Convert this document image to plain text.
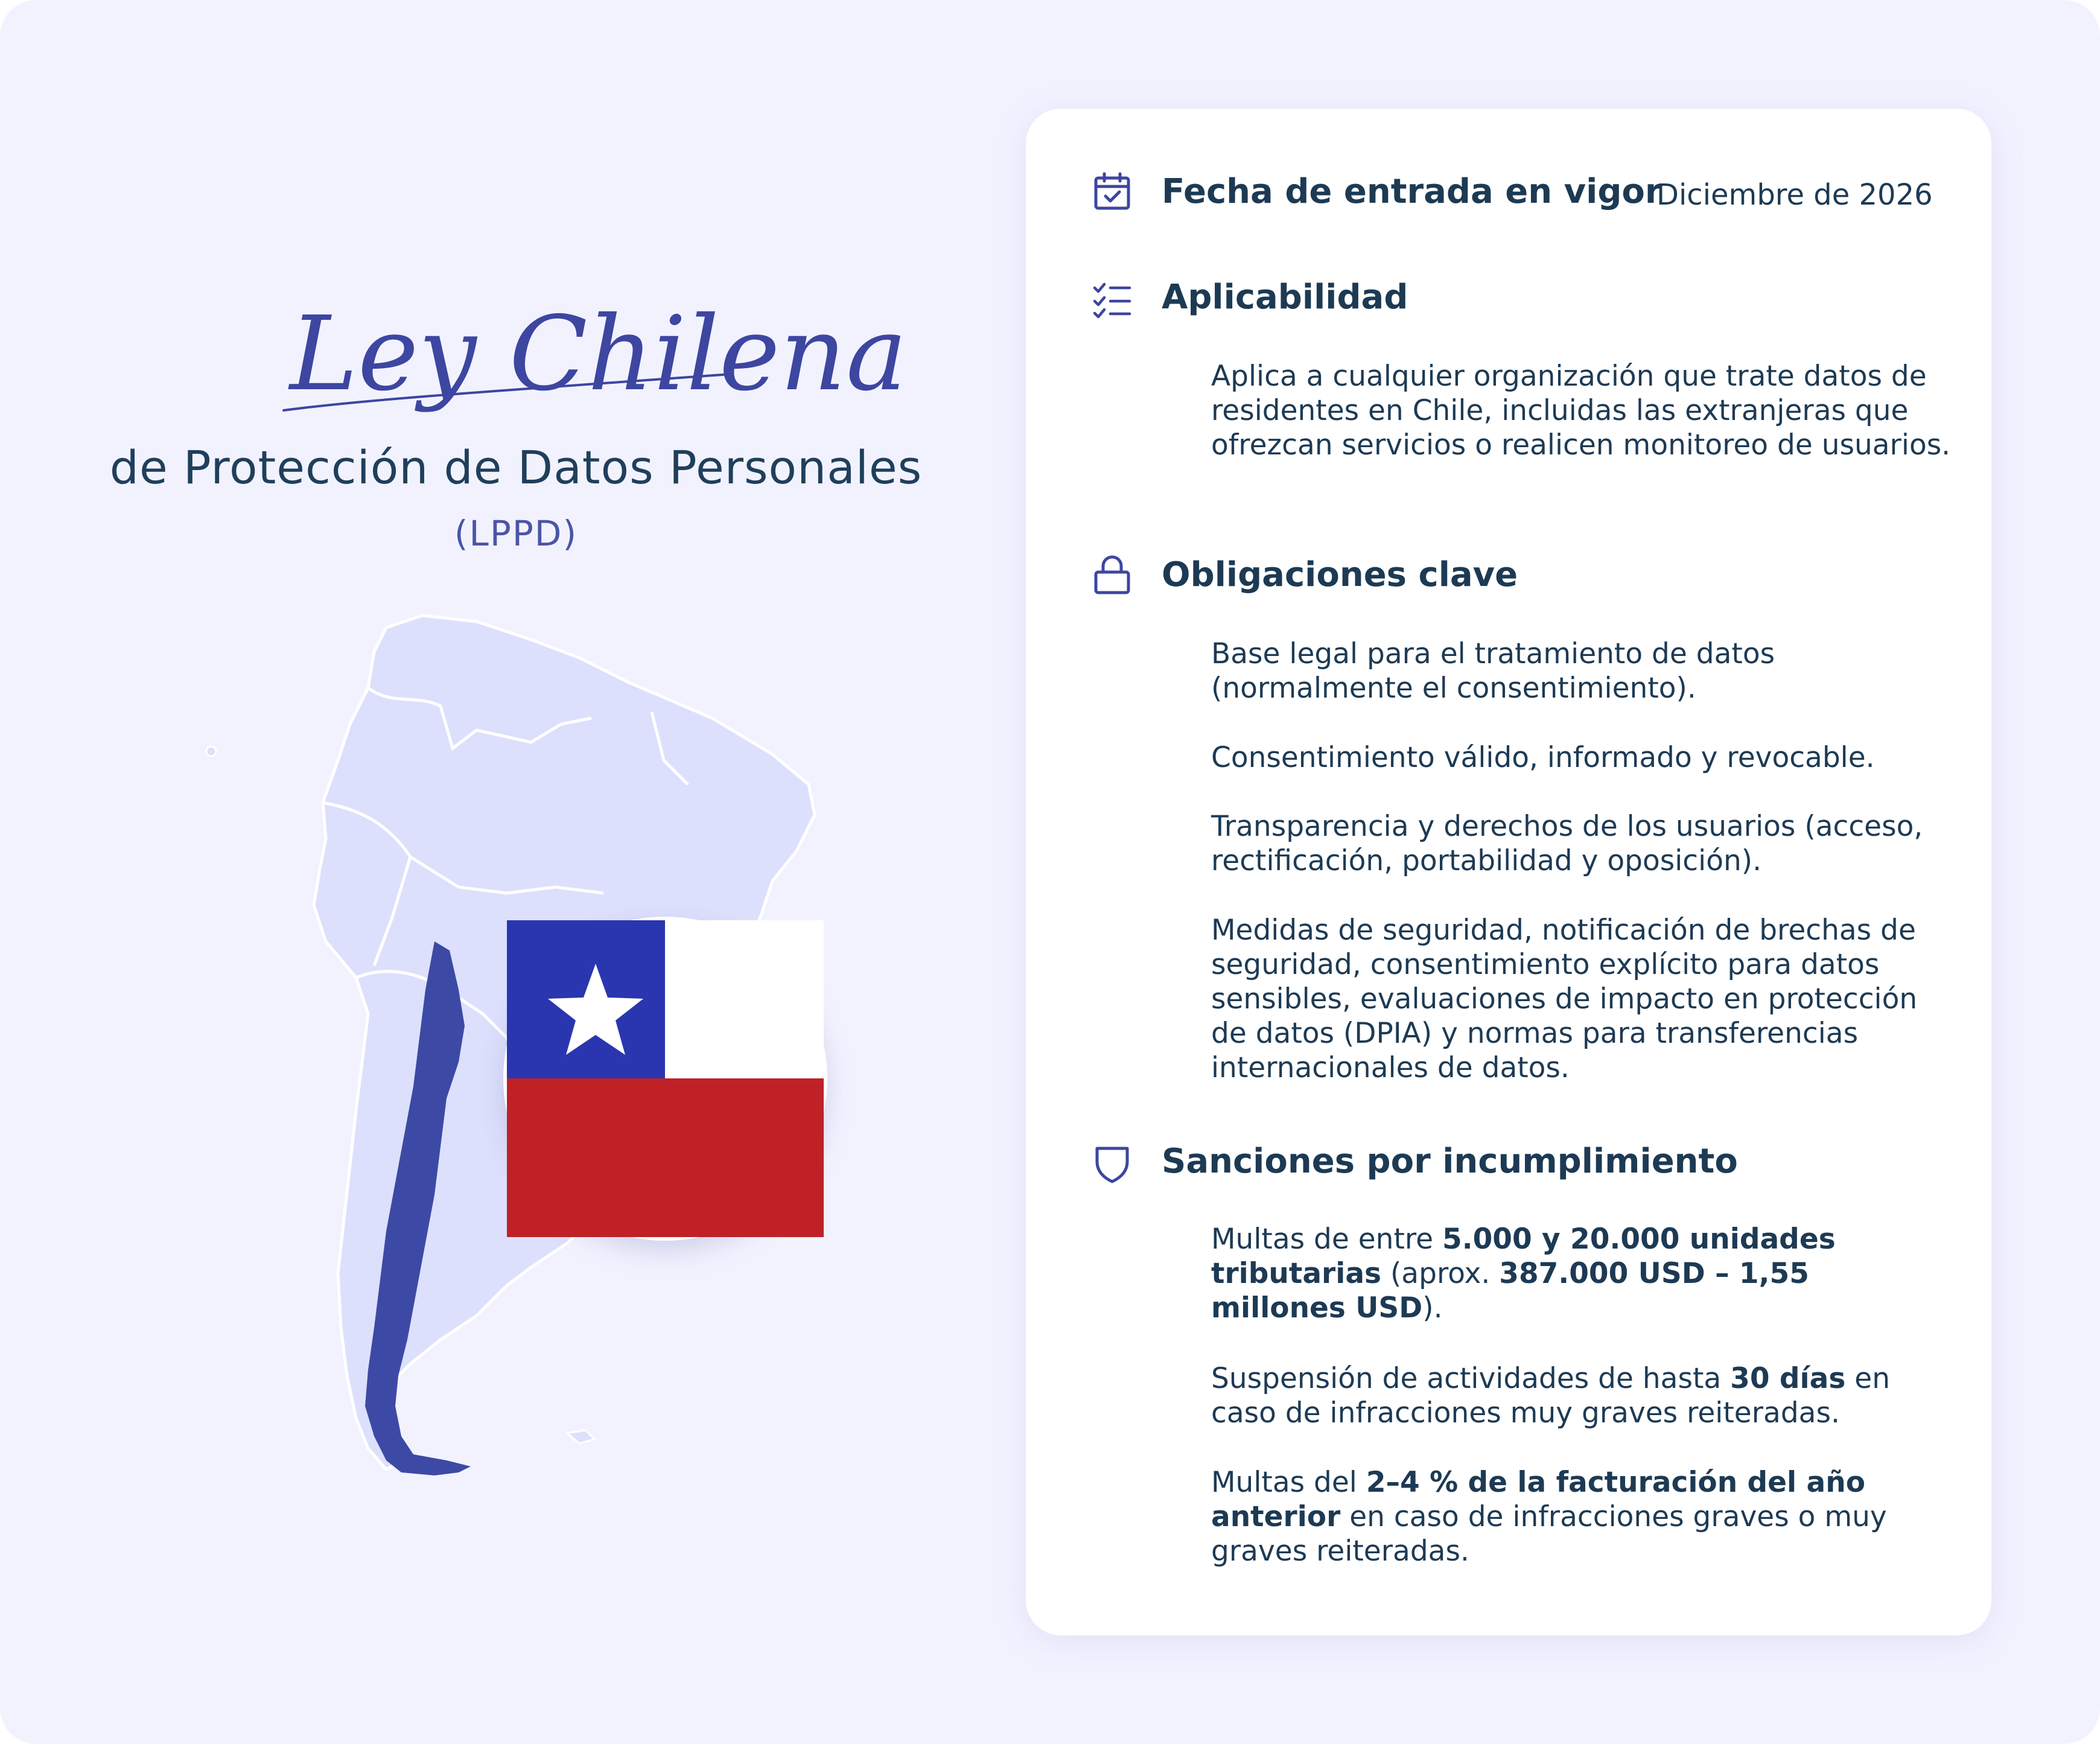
Ley Chilena
de Protección de Datos Personales
(LPPD)
Fecha de entrada en vigor
Diciembre de 2026
Aplicabilidad
Aplica a cualquier organización que trate datos de residentes en Chile, incluidas las extranjeras que ofrezcan servicios o realicen monitoreo de usuarios.
Obligaciones clave
Base legal para el tratamiento de datos (normalmente el consentimiento).
Consentimiento válido, informado y revocable.
Transparencia y derechos de los usuarios (acceso, rectificación, portabilidad y oposición).
Medidas de seguridad, notificación de brechas de seguridad, consentimiento explícito para datos sensibles, evaluaciones de impacto en protección de datos (DPIA) y normas para transferencias internacionales de datos.
Sanciones por incumplimiento
Multas de entre 5.000 y 20.000 unidades tributarias (aprox. 387.000 USD – 1,55 millones USD).
Suspensión de actividades de hasta 30 días en caso de infracciones muy graves reiteradas.
Multas del 2–4 % de la facturación del año anterior en caso de infracciones graves o muy graves reiteradas.
